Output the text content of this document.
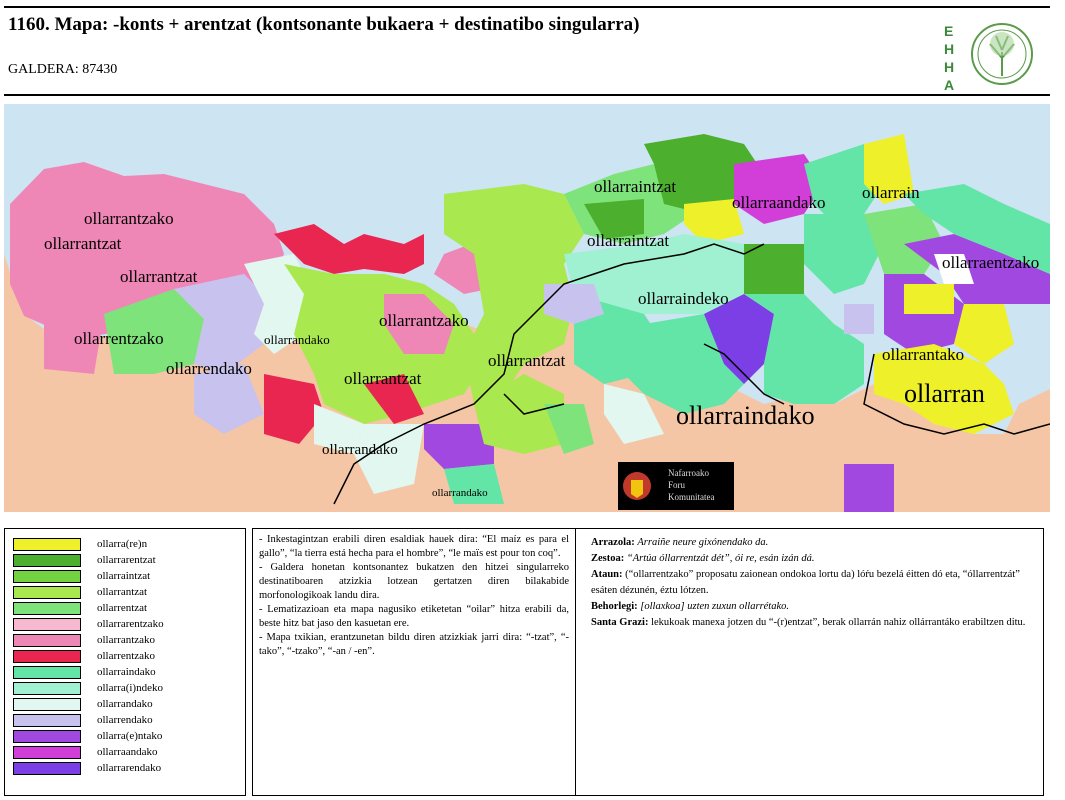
1160. Mapa: -konts + arentzat (kontsonante bukaera + destinatibo singularra)
GALDERA: 87430
E
H
H
A
Nafarroako
Foru
Komunitatea
ollarrantzako
ollarrantzat
ollarrentzako
ollarrantzat
ollarrendako
ollarrantzako
ollarrantzat
ollarrandako
ollarrandako
ollarraintzat
ollarraandako
ollarrain
ollarraintzat
ollarraindeko
ollarrantzat
ollarraindako
ollarraentzako
ollarrantako
ollarran
ollarrandako
ollarra(re)n
ollarrarentzat
ollarraintzat
ollarrantzat
ollarrentzat
ollarrarentzako
ollarrantzako
ollarrentzako
ollarraindako
ollarra(i)ndeko
ollarrandako
ollarrendako
ollarra(e)ntako
ollarraandako
ollarrarendako
- Inkestagintzan erabili diren esaldiak hauek dira: “El maíz es para el gallo”, “la tierra está hecha para el hombre”, “le maïs est pour ton coq”.
- Galdera honetan kontsonantez bukatzen den hitzei singularreko destinatiboaren atzizkia lotzean gertatzen diren bilakabide morfonologikoak landu dira.
- Lematizazioan eta mapa nagusiko etiketetan “oilar” hitza erabili da, beste hitz bat jaso den kasuetan ere.
- Mapa txikian, erantzunetan bildu diren atzizkiak jarri dira: “-tzat”, “-tako”, “-tzako”, “-an / -en”.
Arrazola: Arraiñe neure gixónendako da.
Zestoa: “Artúa óllarrentzát dét”, ói re, esán izán dá.
Ataun: (“ollarrentzako” proposatu zaionean ondokoa lortu da) lóŕu bezelá éitten dó eta, “óllarrentzát” esáten dézunén, éztu lótzen.
Behorlegi: [ollaxkoa] uzten zuxun ollarrétako.
Santa Grazi: lekukoak manexa jotzen du “-(r)entzat”, berak ollarrán nahiz ollárrantáko erabiltzen ditu.
